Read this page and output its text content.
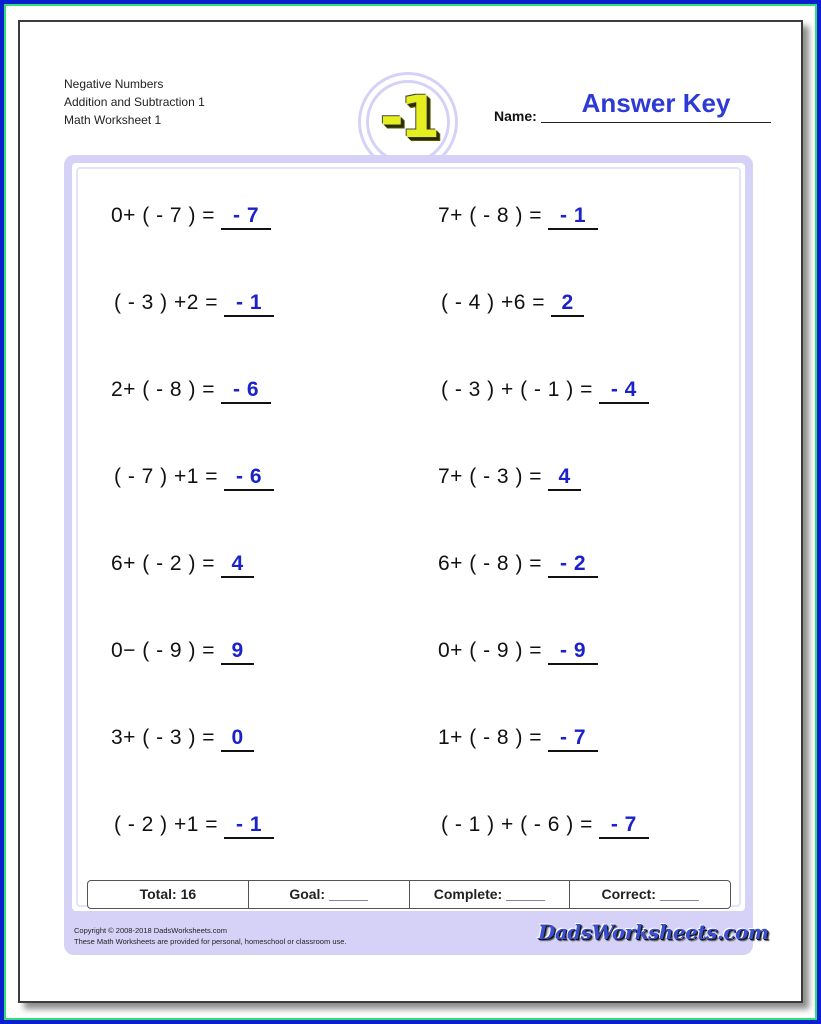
Negative Numbers
Addition and Subtraction 1
Math Worksheet 1	-1	Name:	Answer Key
0+ ( - 7 ) = - 7
( - 3 ) +2 = - 1
2+ ( - 8 ) = - 6
( - 7 ) +1 = - 6
6+ ( - 2 ) = 4
0− ( - 9 ) = 9
3+ ( - 3 ) = 0
( - 2 ) +1 = - 1
7+ ( - 8 ) = - 1
( - 4 ) +6 = 2
( - 3 ) + ( - 1 ) = - 4
7+ ( - 3 ) = 4
6+ ( - 8 ) = - 2
0+ ( - 9 ) = - 9
1+ ( - 8 ) = - 7
( - 1 ) + ( - 6 ) = - 7
Total: 16	Goal: _____	Complete: _____	Correct: _____
Copyright © 2008-2018 DadsWorksheets.com
These Math Worksheets are provided for personal, homeschool or classroom use.	DadsWorksheets.com
